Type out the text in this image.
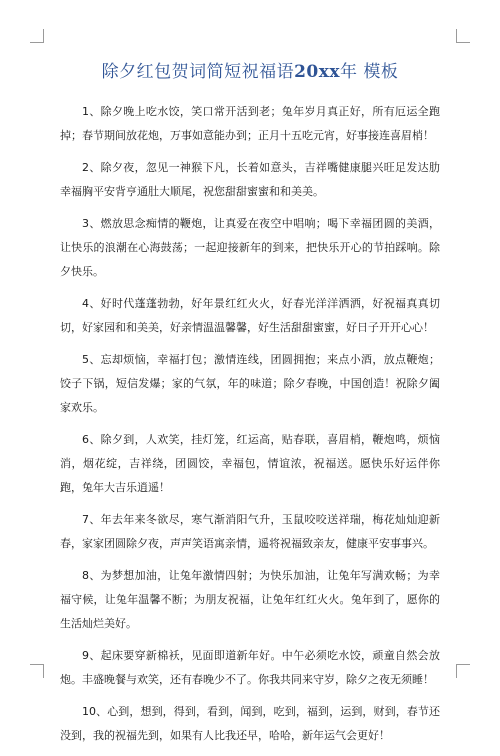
除夕红包贺词简短祝福语20xx年 模板

1、除夕晚上吃水饺，笑口常开活到老；兔年岁月真正好，所有厄运全跑掉；春节期间放花炮，万事如意能办到；正月十五吃元宵，好事接连喜眉梢！

2、除夕夜，忽见一神猴下凡，长着如意头，吉祥嘴健康腿兴旺足发达肋幸福胸平安背亨通肚大顺尾，祝您甜甜蜜蜜和和美美。

3、燃放思念痴情的鞭炮，让真爱在夜空中唱响；喝下幸福团圆的美酒，让快乐的浪潮在心海鼓荡；一起迎接新年的到来，把快乐开心的节拍踩响。除夕快乐。

4、好时代蓬蓬勃勃，好年景红红火火，好春光洋洋洒洒，好祝福真真切切，好家园和和美美，好亲情温温馨馨，好生活甜甜蜜蜜，好日子开开心心！

5、忘却烦恼，幸福打包；激情连线，团圆拥抱；来点小酒，放点鞭炮；饺子下锅，短信发爆；家的气氛，年的味道；除夕春晚，中国创造！祝除夕阖家欢乐。

6、除夕到，人欢笑，挂灯笼，红运高，贴春联，喜眉梢，鞭炮鸣，烦恼消，烟花绽，吉祥绕，团圆饺，幸福包，情谊浓，祝福送。愿快乐好运伴你跑，兔年大吉乐逍遥！

7、年去年来冬欲尽，寒气渐消阳气升，玉鼠咬咬送祥瑞，梅花灿灿迎新春，家家团圆除夕夜，声声笑语寓亲情，遥将祝福致亲友，健康平安事事兴。

8、为梦想加油，让兔年激情四射；为快乐加油，让兔年写满欢畅；为幸福守候，让兔年温馨不断；为朋友祝福，让兔年红红火火。兔年到了，愿你的生活灿烂美好。

9、起床要穿新棉袄，见面即道新年好。中午必须吃水饺，顽童自然会放炮。丰盛晚餐与欢笑，还有春晚少不了。你我共同来守岁，除夕之夜无须睡！

10、心到，想到，得到，看到，闻到，吃到，福到，运到，财到，春节还没到，我的祝福先到，如果有人比我还早，哈哈，新年运气会更好！
